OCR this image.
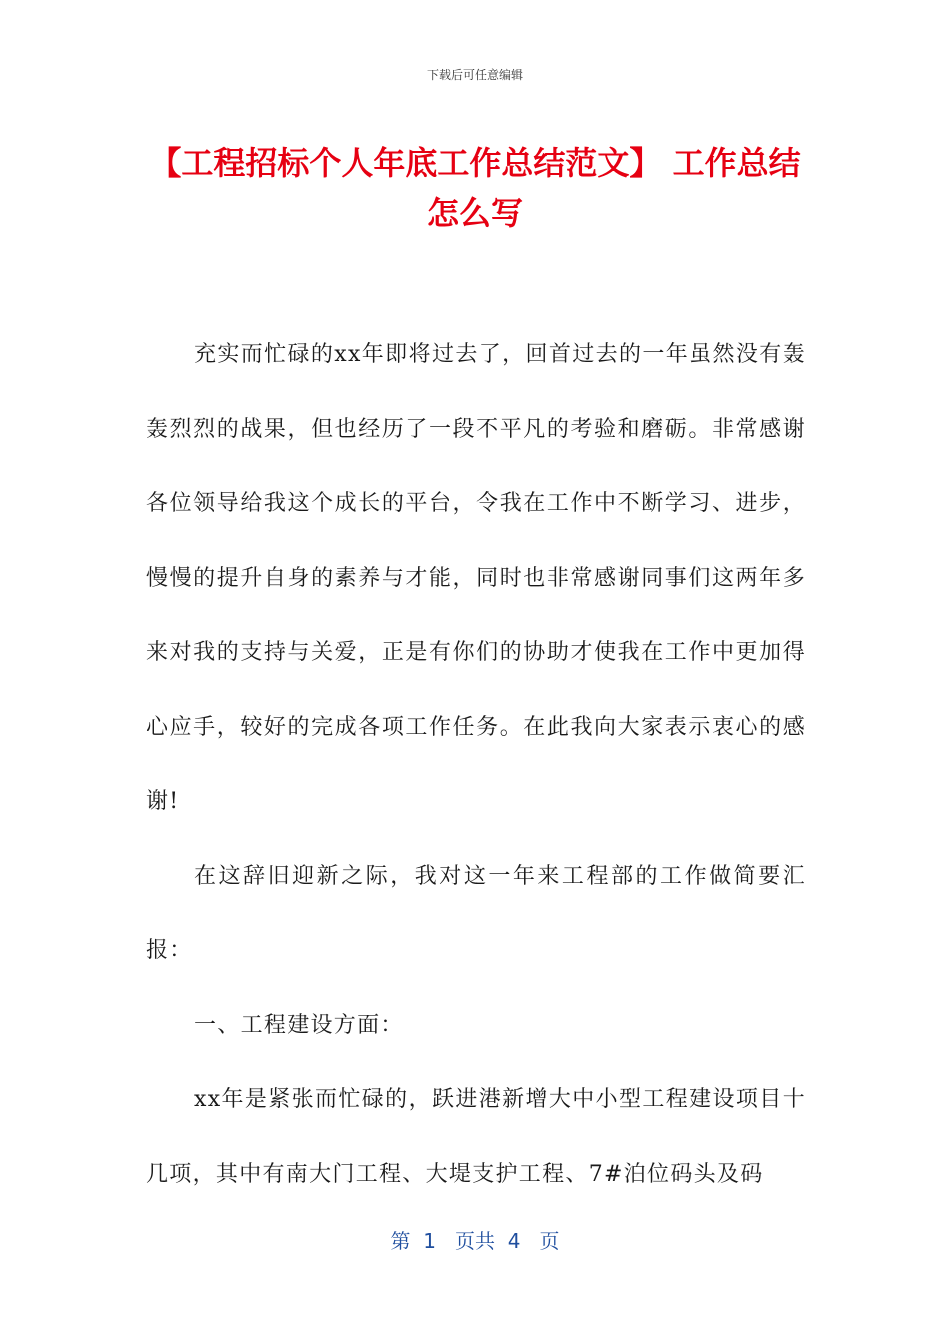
下载后可任意编辑
【工程招标个人年底工作总结范文】 工作总结怎么写

充实而忙碌的xx年即将过去了，回首过去的一年虽然没有轰轰烈烈的战果，但也经历了一段不平凡的考验和磨砺。非常感谢各位领导给我这个成长的平台，令我在工作中不断学习、进步，慢慢的提升自身的素养与才能，同时也非常感谢同事们这两年多来对我的支持与关爱，正是有你们的协助才使我在工作中更加得心应手，较好的完成各项工作任务。在此我向大家表示衷心的感谢!

在这辞旧迎新之际，我对这一年来工程部的工作做简要汇报：

一、工程建设方面：

xx年是紧张而忙碌的，跃进港新增大中小型工程建设项目十几项，其中有南大门工程、大堤支护工程、7#泊位码头及码

第  1   页共  4   页
